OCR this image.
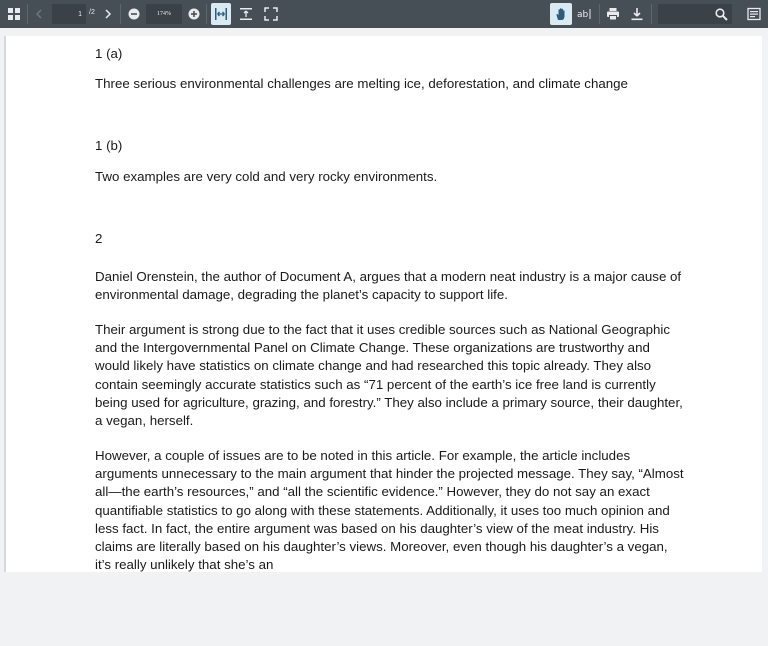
1
/2	174%	ab
1 (a)
Three serious environmental challenges are melting ice, deforestation, and climate change
1 (b)
Two examples are very cold and very rocky environments.
2
Daniel Orenstein, the author of Document A, argues that a modern neat industry is a major cause of environmental damage, degrading the planet’s capacity to support life.
Their argument is strong due to the fact that it uses credible sources such as National Geographic and the Intergovernmental Panel on Climate Change. These organizations are trustworthy and would likely have statistics on climate change and had researched this topic already. They also contain seemingly accurate statistics such as “71 percent of the earth’s ice free land is currently being used for agriculture, grazing, and forestry.” They also include a primary source, their daughter, a vegan, herself.
However, a couple of issues are to be noted in this article. For example, the article includes arguments unnecessary to the main argument that hinder the projected message. They say, “Almost all—the earth’s resources,” and “all the scientific evidence.” However, they do not say an exact quantifiable statistics to go along with these statements. Additionally, it uses too much opinion and less fact. In fact, the entire argument was based on his daughter’s view of the meat industry. His claims are literally based on his daughter’s views. Moreover, even though his daughter’s a vegan, it’s really unlikely that she’s an
